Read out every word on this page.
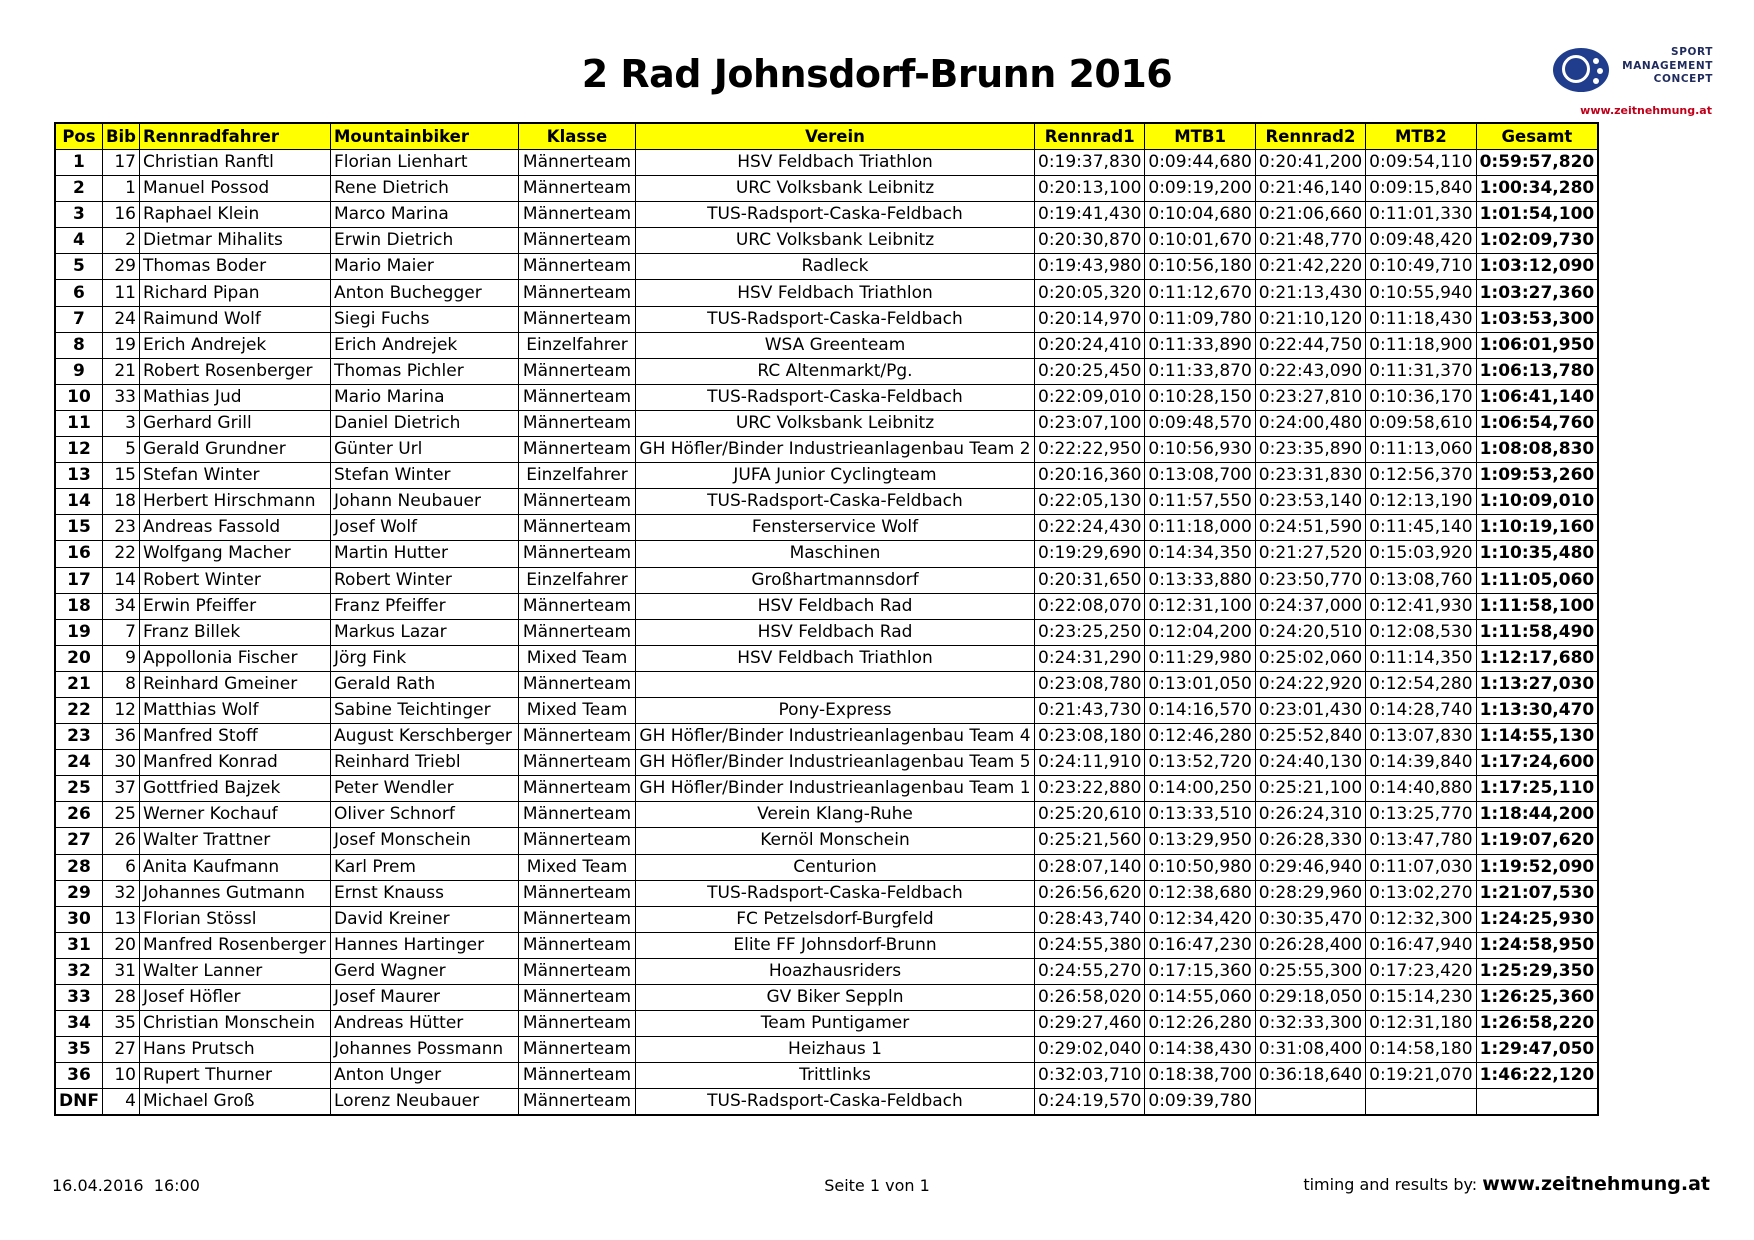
2 Rad Johnsdorf-Brunn 2016	SPORT
MANAGEMENT
CONCEPT
www.zeitnehmung.at
Pos	Bib	Rennradfahrer	Mountainbiker	Klasse	Verein	Rennrad1	MTB1	Rennrad2	MTB2	Gesamt
1	17	Christian Ranftl	Florian Lienhart	Männerteam	HSV Feldbach Triathlon	0:19:37,830	0:09:44,680	0:20:41,200	0:09:54,110	0:59:57,820
2	1	Manuel Possod	Rene Dietrich	Männerteam	URC Volksbank Leibnitz	0:20:13,100	0:09:19,200	0:21:46,140	0:09:15,840	1:00:34,280
3	16	Raphael Klein	Marco Marina	Männerteam	TUS-Radsport-Caska-Feldbach	0:19:41,430	0:10:04,680	0:21:06,660	0:11:01,330	1:01:54,100
4	2	Dietmar Mihalits	Erwin Dietrich	Männerteam	URC Volksbank Leibnitz	0:20:30,870	0:10:01,670	0:21:48,770	0:09:48,420	1:02:09,730
5	29	Thomas Boder	Mario Maier	Männerteam	Radleck	0:19:43,980	0:10:56,180	0:21:42,220	0:10:49,710	1:03:12,090
6	11	Richard Pipan	Anton Buchegger	Männerteam	HSV Feldbach Triathlon	0:20:05,320	0:11:12,670	0:21:13,430	0:10:55,940	1:03:27,360
7	24	Raimund Wolf	Siegi Fuchs	Männerteam	TUS-Radsport-Caska-Feldbach	0:20:14,970	0:11:09,780	0:21:10,120	0:11:18,430	1:03:53,300
8	19	Erich Andrejek	Erich Andrejek	Einzelfahrer	WSA Greenteam	0:20:24,410	0:11:33,890	0:22:44,750	0:11:18,900	1:06:01,950
9	21	Robert Rosenberger	Thomas Pichler	Männerteam	RC Altenmarkt/Pg.	0:20:25,450	0:11:33,870	0:22:43,090	0:11:31,370	1:06:13,780
10	33	Mathias Jud	Mario Marina	Männerteam	TUS-Radsport-Caska-Feldbach	0:22:09,010	0:10:28,150	0:23:27,810	0:10:36,170	1:06:41,140
11	3	Gerhard Grill	Daniel Dietrich	Männerteam	URC Volksbank Leibnitz	0:23:07,100	0:09:48,570	0:24:00,480	0:09:58,610	1:06:54,760
12	5	Gerald Grundner	Günter Url	Männerteam	GH Höfler/Binder Industrieanlagenbau Team 2	0:22:22,950	0:10:56,930	0:23:35,890	0:11:13,060	1:08:08,830
13	15	Stefan Winter	Stefan Winter	Einzelfahrer	JUFA Junior Cyclingteam	0:20:16,360	0:13:08,700	0:23:31,830	0:12:56,370	1:09:53,260
14	18	Herbert Hirschmann	Johann Neubauer	Männerteam	TUS-Radsport-Caska-Feldbach	0:22:05,130	0:11:57,550	0:23:53,140	0:12:13,190	1:10:09,010
15	23	Andreas Fassold	Josef Wolf	Männerteam	Fensterservice Wolf	0:22:24,430	0:11:18,000	0:24:51,590	0:11:45,140	1:10:19,160
16	22	Wolfgang Macher	Martin Hutter	Männerteam	Maschinen	0:19:29,690	0:14:34,350	0:21:27,520	0:15:03,920	1:10:35,480
17	14	Robert Winter	Robert Winter	Einzelfahrer	Großhartmannsdorf	0:20:31,650	0:13:33,880	0:23:50,770	0:13:08,760	1:11:05,060
18	34	Erwin Pfeiffer	Franz Pfeiffer	Männerteam	HSV Feldbach Rad	0:22:08,070	0:12:31,100	0:24:37,000	0:12:41,930	1:11:58,100
19	7	Franz Billek	Markus Lazar	Männerteam	HSV Feldbach Rad	0:23:25,250	0:12:04,200	0:24:20,510	0:12:08,530	1:11:58,490
20	9	Appollonia Fischer	Jörg Fink	Mixed Team	HSV Feldbach Triathlon	0:24:31,290	0:11:29,980	0:25:02,060	0:11:14,350	1:12:17,680
21	8	Reinhard Gmeiner	Gerald Rath	Männerteam		0:23:08,780	0:13:01,050	0:24:22,920	0:12:54,280	1:13:27,030
22	12	Matthias Wolf	Sabine Teichtinger	Mixed Team	Pony-Express	0:21:43,730	0:14:16,570	0:23:01,430	0:14:28,740	1:13:30,470
23	36	Manfred Stoff	August Kerschberger	Männerteam	GH Höfler/Binder Industrieanlagenbau Team 4	0:23:08,180	0:12:46,280	0:25:52,840	0:13:07,830	1:14:55,130
24	30	Manfred Konrad	Reinhard Triebl	Männerteam	GH Höfler/Binder Industrieanlagenbau Team 5	0:24:11,910	0:13:52,720	0:24:40,130	0:14:39,840	1:17:24,600
25	37	Gottfried Bajzek	Peter Wendler	Männerteam	GH Höfler/Binder Industrieanlagenbau Team 1	0:23:22,880	0:14:00,250	0:25:21,100	0:14:40,880	1:17:25,110
26	25	Werner Kochauf	Oliver Schnorf	Männerteam	Verein Klang-Ruhe	0:25:20,610	0:13:33,510	0:26:24,310	0:13:25,770	1:18:44,200
27	26	Walter Trattner	Josef Monschein	Männerteam	Kernöl Monschein	0:25:21,560	0:13:29,950	0:26:28,330	0:13:47,780	1:19:07,620
28	6	Anita Kaufmann	Karl Prem	Mixed Team	Centurion	0:28:07,140	0:10:50,980	0:29:46,940	0:11:07,030	1:19:52,090
29	32	Johannes Gutmann	Ernst Knauss	Männerteam	TUS-Radsport-Caska-Feldbach	0:26:56,620	0:12:38,680	0:28:29,960	0:13:02,270	1:21:07,530
30	13	Florian Stössl	David Kreiner	Männerteam	FC Petzelsdorf-Burgfeld	0:28:43,740	0:12:34,420	0:30:35,470	0:12:32,300	1:24:25,930
31	20	Manfred Rosenberger	Hannes Hartinger	Männerteam	Elite FF Johnsdorf-Brunn	0:24:55,380	0:16:47,230	0:26:28,400	0:16:47,940	1:24:58,950
32	31	Walter Lanner	Gerd Wagner	Männerteam	Hoazhausriders	0:24:55,270	0:17:15,360	0:25:55,300	0:17:23,420	1:25:29,350
33	28	Josef Höfler	Josef Maurer	Männerteam	GV Biker Seppln	0:26:58,020	0:14:55,060	0:29:18,050	0:15:14,230	1:26:25,360
34	35	Christian Monschein	Andreas Hütter	Männerteam	Team Puntigamer	0:29:27,460	0:12:26,280	0:32:33,300	0:12:31,180	1:26:58,220
35	27	Hans Prutsch	Johannes Possmann	Männerteam	Heizhaus 1	0:29:02,040	0:14:38,430	0:31:08,400	0:14:58,180	1:29:47,050
36	10	Rupert Thurner	Anton Unger	Männerteam	Trittlinks	0:32:03,710	0:18:38,700	0:36:18,640	0:19:21,070	1:46:22,120
DNF	4	Michael Groß	Lorenz Neubauer	Männerteam	TUS-Radsport-Caska-Feldbach	0:24:19,570	0:09:39,780			
16.04.2016  16:00	Seite 1 von 1	timing and results by: www.zeitnehmung.at
